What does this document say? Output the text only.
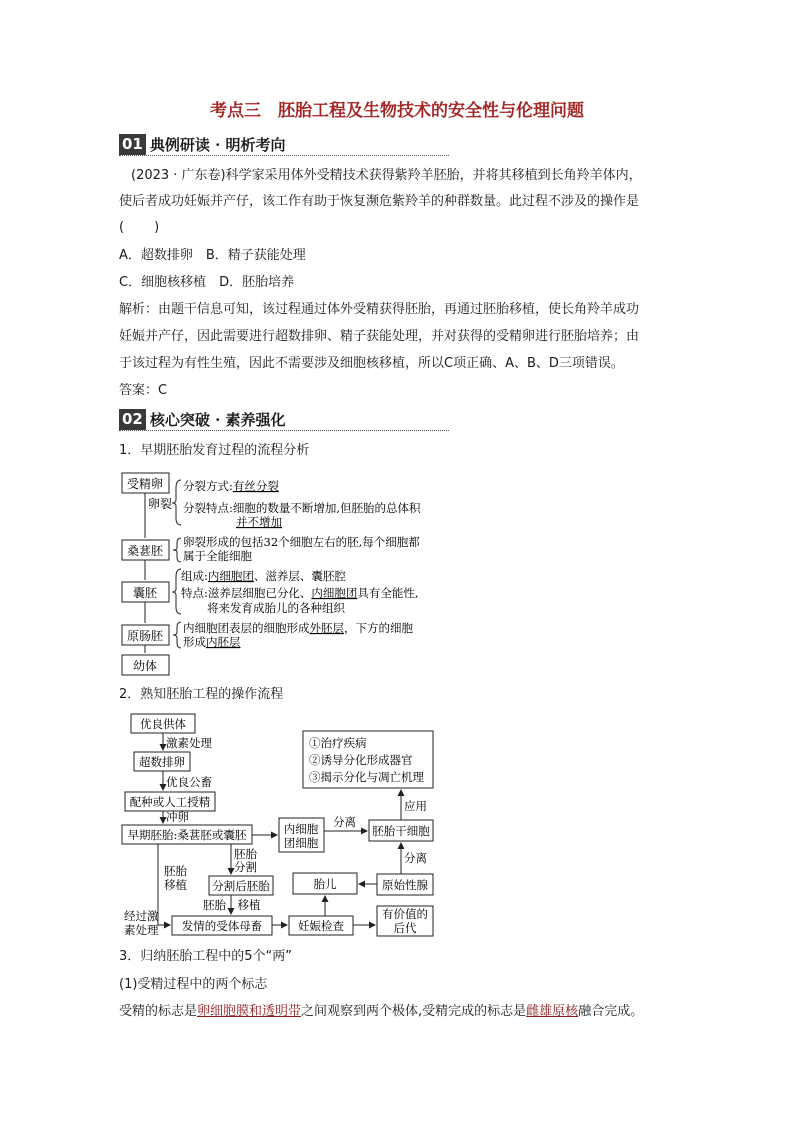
考点三　胚胎工程及生物技术的安全性与伦理问题
01 典例研读 · 明析考向
(2023 · 广东卷)科学家采用体外受精技术获得紫羚羊胚胎，并将其移植到长角羚羊体内，
使后者成功妊娠并产仔，该工作有助于恢复濒危紫羚羊的种群数量。此过程不涉及的操作是
( )
A．超数排卵　B．精子获能处理
C．细胞核移植　D．胚胎培养
解析：由题干信息可知，该过程通过体外受精获得胚胎，再通过胚胎移植，使长角羚羊成功
妊娠并产仔，因此需要进行超数排卵、精子获能处理，并对获得的受精卵进行胚胎培养；由
于该过程为有性生殖，因此不需要涉及细胞核移植，所以C项正确、A、B、D三项错误。
答案：C
02 核心突破 · 素养强化
1．早期胚胎发育过程的流程分析
受精卵
桑葚胚
囊胚
原肠胚
幼体
卵裂
分裂方式:有丝分裂
分裂特点:细胞的数量不断增加,但胚胎的总体积
并不增加
卵裂形成的包括32个细胞左右的胚,每个细胞都
属于全能细胞
组成:内细胞团、滋养层、囊胚腔
特点:滋养层细胞已分化、内细胞团具有全能性,
将来发育成胎儿的各种组织
内细胞团表层的细胞形成外胚层，下方的细胞
形成内胚层
2．熟知胚胎工程的操作流程
优良供体
激素处理
超数排卵
优良公畜
配种或人工授精
冲卵
早期胚胎:桑葚胚或囊胚	内细胞
团细胞
分离
胚胎干细胞
应用
①治疗疾病
②诱导分化形成器官
③揭示分化与凋亡机理
分离
胚胎
分割
胚胎
移植 分割后胚胎	胎儿	原始性腺
经过激
素处理
胚胎　移植
发情的受体母畜	妊娠检查
有价值的
后代
3．归纳胚胎工程中的5个“两”
(1)受精过程中的两个标志
受精的标志是卵细胞膜和透明带之间观察到两个极体,受精完成的标志是雌雄原核融合完成。
